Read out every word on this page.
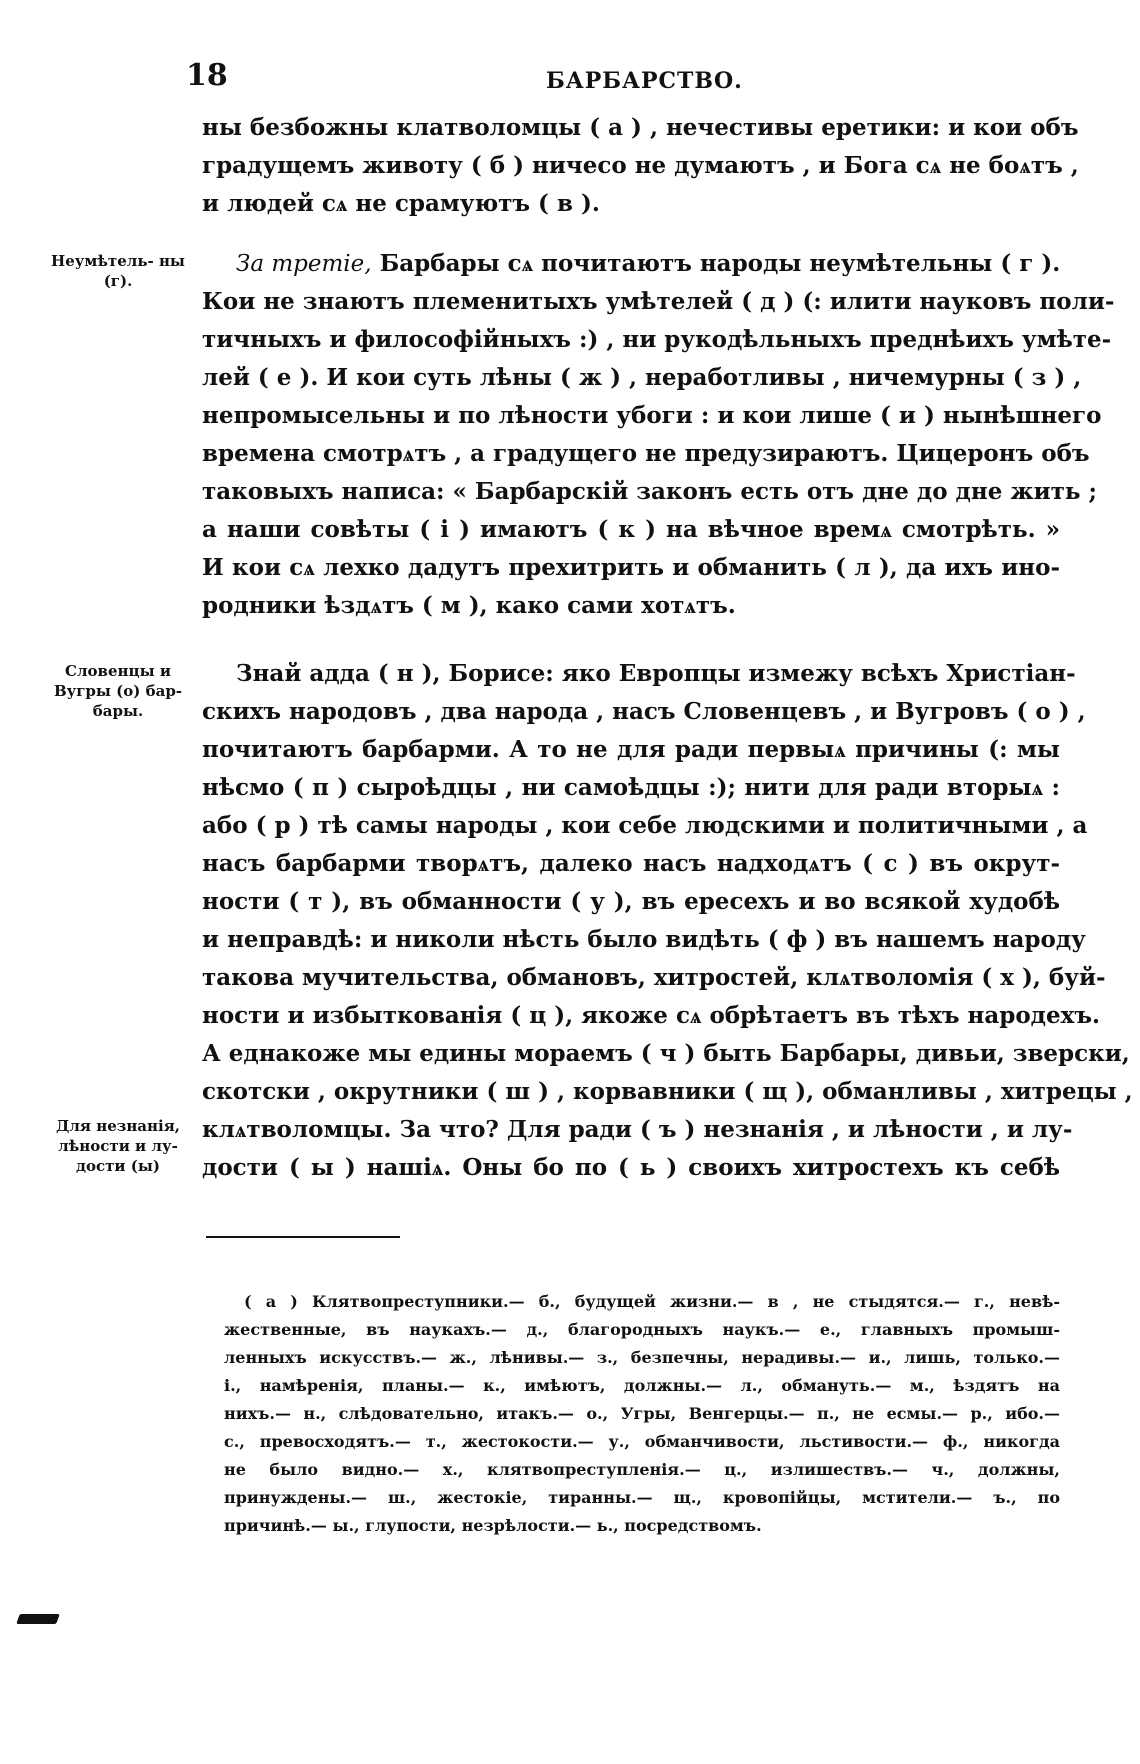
18	БАРБАРСТВО.
Неумѣтель- ны (г).
Словенцы и Вугры (о) бар- бары.
Для незнанія, лѣности и лу- дости (ы)
ны безбожны клатволомцы ( а ) , нечестивы еретики: и кои объ
градущемъ животу ( б ) ничесо не думаютъ , и Бога сѧ не боѧтъ ,
и людей сѧ не срамуютъ ( в ).
За третіе, Барбары сѧ почитаютъ народы неумѣтельны ( г ).
Кои не знаютъ племенитыхъ умѣтелей ( д ) (: илити науковъ поли-
тичныхъ и философійныхъ :) , ни рукодѣльныхъ преднѣихъ умѣте-
лей ( е ). И кои суть лѣны ( ж ) , неработливы , ничемурны ( з ) ,
непромысельны и по лѣности убоги : и кои лише ( и ) нынѣшнего
времена смотрѧтъ , а градущего не предузираютъ. Цицеронъ объ
таковыхъ написа: « Барбарскій законъ есть отъ дне до дне жить ;
а наши совѣты ( і ) имаютъ ( к ) на вѣчное времѧ смотрѣть. »
И кои сѧ лехко дадутъ прехитрить и обманить ( л ), да ихъ ино-
родники ѣздѧтъ ( м ), како сами хотѧтъ.
Знай адда ( н ), Борисе: яко Европцы измежу всѣхъ Христіан-
скихъ народовъ , два народа , насъ Словенцевъ , и Вугровъ ( о ) ,
почитаютъ барбарми. А то не для ради первыѧ причины (: мы
нѣсмо ( п ) сыроѣдцы , ни самоѣдцы :); нити для ради вторыѧ :
або ( р ) тѣ самы народы , кои себе людскими и политичными , а
насъ барбарми творѧтъ, далеко насъ надходѧтъ ( с ) въ окрут-
ности ( т ), въ обманности ( у ), въ ересехъ и во всякой худобѣ
и неправдѣ: и николи нѣсть было видѣть ( ф ) въ нашемъ народу
такова мучительства, обмановъ, хитростей, клѧтволомія ( х ), буй-
ности и избыткованія ( ц ), якоже сѧ обрѣтаетъ въ тѣхъ народехъ.
А еднакоже мы едины мораемъ ( ч ) быть Барбары, дивьи, зверски,
скотски , окрутники ( ш ) , корвавники ( щ ), обманливы , хитрецы ,
клѧтволомцы. За что? Для ради ( ъ ) незнанія , и лѣности , и лу-
дости ( ы ) нашіѧ. Оны бо по ( ь ) своихъ хитростехъ къ себѣ
( а ) Клятвопреступники.— б., будущей жизни.— в , не стыдятся.— г., невѣ-
жественные, въ наукахъ.— д., благородныхъ наукъ.— е., главныхъ промыш-
ленныхъ искусствъ.— ж., лѣнивы.— з., безпечны, нерадивы.— и., лишь, только.—
і., намѣренія, планы.— к., имѣютъ, должны.— л., обмануть.— м., ѣздятъ на
нихъ.— н., слѣдовательно, итакъ.— о., Угры, Венгерцы.— п., не есмы.— р., ибо.—
с., превосходятъ.— т., жестокости.— у., обманчивости, льстивости.— ф., никогда
не было видно.— х., клятвопреступленія.— ц., излишествъ.— ч., должны,
принуждены.— ш., жестокіе, тиранны.— щ., кровопійцы, мстители.— ъ., по
причинѣ.— ы., глупости, незрѣлости.— ь., посредствомъ.
